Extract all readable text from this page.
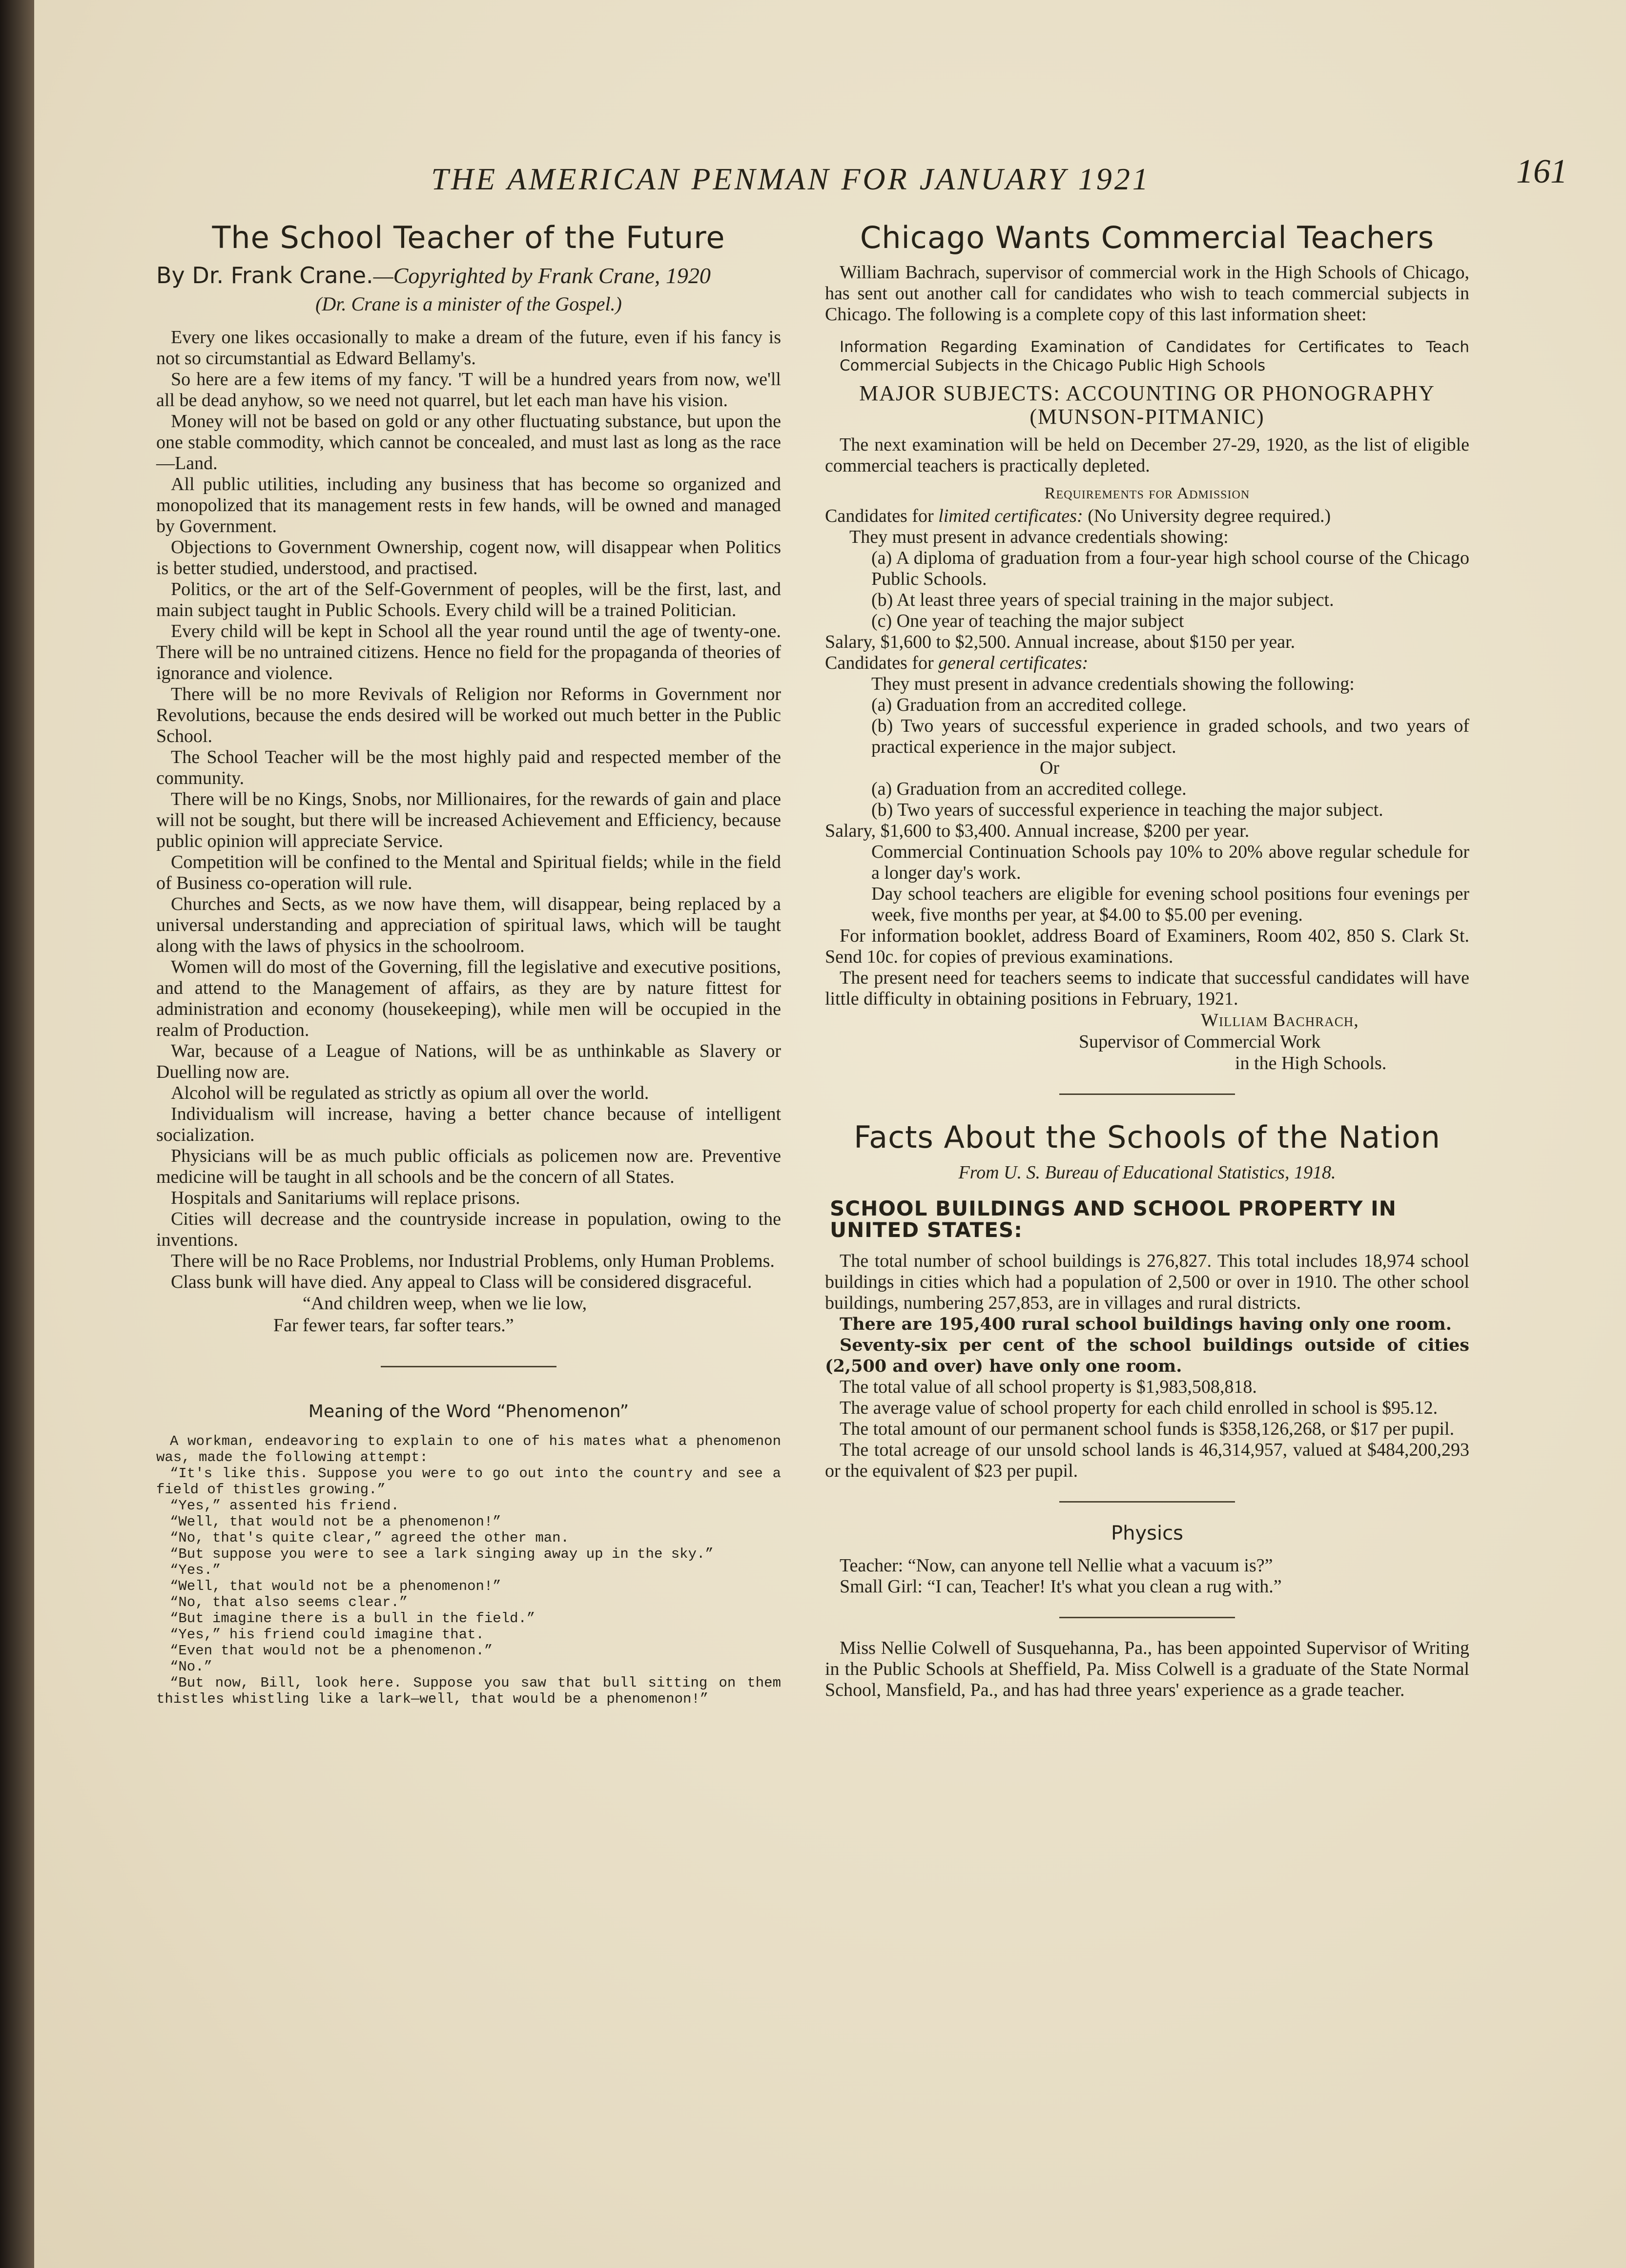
THE AMERICAN PENMAN FOR JANUARY 1921	161
The School Teacher of the Future
By Dr. Frank Crane.—Copyrighted by Frank Crane, 1920
(Dr. Crane is a minister of the Gospel.)

Every one likes occasionally to make a dream of the future, even if his fancy is not so circumstantial as Edward Bellamy's.

So here are a few items of my fancy. 'T will be a hundred years from now, we'll all be dead anyhow, so we need not quarrel, but let each man have his vision.

Money will not be based on gold or any other fluctuating substance, but upon the one stable commodity, which cannot be concealed, and must last as long as the race—Land.

All public utilities, including any business that has become so organized and monopolized that its management rests in few hands, will be owned and managed by Government.

Objections to Government Ownership, cogent now, will disappear when Politics is better studied, understood, and practised.

Politics, or the art of the Self-Government of peoples, will be the first, last, and main subject taught in Public Schools. Every child will be a trained Politician.

Every child will be kept in School all the year round until the age of twenty-one. There will be no untrained citizens. Hence no field for the propaganda of theories of ignorance and violence.

There will be no more Revivals of Religion nor Reforms in Government nor Revolutions, because the ends desired will be worked out much better in the Public School.

The School Teacher will be the most highly paid and respected member of the community.

There will be no Kings, Snobs, nor Millionaires, for the rewards of gain and place will not be sought, but there will be increased Achievement and Efficiency, because public opinion will appreciate Service.

Competition will be confined to the Mental and Spiritual fields; while in the field of Business co-operation will rule.

Churches and Sects, as we now have them, will disappear, being replaced by a universal understanding and appreciation of spiritual laws, which will be taught along with the laws of physics in the schoolroom.

Women will do most of the Governing, fill the legislative and executive positions, and attend to the Management of affairs, as they are by nature fittest for administration and economy (housekeeping), while men will be occupied in the realm of Production.

War, because of a League of Nations, will be as unthinkable as Slavery or Duelling now are.

Alcohol will be regulated as strictly as opium all over the world.

Individualism will increase, having a better chance because of intelligent socialization.

Physicians will be as much public officials as policemen now are. Preventive medicine will be taught in all schools and be the concern of all States.

Hospitals and Sanitariums will replace prisons.

Cities will decrease and the countryside increase in population, owing to the inventions.

There will be no Race Problems, nor Industrial Problems, only Human Problems.

Class bunk will have died. Any appeal to Class will be considered disgraceful.

“And children weep, when we lie low,
Far fewer tears, far softer tears.”
Meaning of the Word “Phenomenon”
A workman, endeavoring to explain to one of his mates what a phenomenon was, made the following attempt:
“It's like this. Suppose you were to go out into the country and see a field of thistles growing.”
“Yes,” assented his friend.
“Well, that would not be a phenomenon!”
“No, that's quite clear,” agreed the other man.
“But suppose you were to see a lark singing away up in the sky.”
“Yes.”
“Well, that would not be a phenomenon!”
“No, that also seems clear.”
“But imagine there is a bull in the field.”
“Yes,” his friend could imagine that.
“Even that would not be a phenomenon.”
“No.”
“But now, Bill, look here. Suppose you saw that bull sitting on them thistles whistling like a lark—well, that would be a phenomenon!”
Chicago Wants Commercial Teachers

William Bachrach, supervisor of commercial work in the High Schools of Chicago, has sent out another call for candidates who wish to teach commercial subjects in Chicago. The following is a complete copy of this last information sheet:

Information Regarding Examination of Candidates for Certificates to Teach Commercial Subjects in the Chicago Public High Schools

MAJOR SUBJECTS: ACCOUNTING OR PHONOGRAPHY (MUNSON-PITMANIC)

The next examination will be held on December 27-29, 1920, as the list of eligible commercial teachers is practically depleted.

Requirements for Admission

Candidates for limited certificates: (No University degree required.)

They must present in advance credentials showing:

(a) A diploma of graduation from a four-year high school course of the Chicago Public Schools.

(b) At least three years of special training in the major subject.

(c) One year of teaching the major subject

Salary, $1,600 to $2,500. Annual increase, about $150 per year.

Candidates for general certificates:

They must present in advance credentials showing the following:

(a) Graduation from an accredited college.

(b) Two years of successful experience in graded schools, and two years of practical experience in the major subject.

Or

(a) Graduation from an accredited college.

(b) Two years of successful experience in teaching the major subject.

Salary, $1,600 to $3,400. Annual increase, $200 per year.

Commercial Continuation Schools pay 10% to 20% above regular schedule for a longer day's work.

Day school teachers are eligible for evening school positions four evenings per week, five months per year, at $4.00 to $5.00 per evening.

For information booklet, address Board of Examiners, Room 402, 850 S. Clark St. Send 10c. for copies of previous examinations.

The present need for teachers seems to indicate that successful candidates will have little difficulty in obtaining positions in February, 1921.

William Bachrach,
Supervisor of Commercial Work
in the High Schools.

Facts About the Schools of the Nation
From U. S. Bureau of Educational Statistics, 1918.
SCHOOL BUILDINGS AND SCHOOL PROPERTY IN UNITED STATES:

The total number of school buildings is 276,827. This total includes 18,974 school buildings in cities which had a population of 2,500 or over in 1910. The other school buildings, numbering 257,853, are in villages and rural districts.

There are 195,400 rural school buildings having only one room.

Seventy-six per cent of the school buildings outside of cities (2,500 and over) have only one room.

The total value of all school property is $1,983,508,818.

The average value of school property for each child enrolled in school is $95.12.

The total amount of our permanent school funds is $358,126,268, or $17 per pupil.

The total acreage of our unsold school lands is 46,314,957, valued at $484,200,293 or the equivalent of $23 per pupil.

Physics

Teacher: “Now, can anyone tell Nellie what a vacuum is?”

Small Girl: “I can, Teacher! It's what you clean a rug with.”

Miss Nellie Colwell of Susquehanna, Pa., has been appointed Supervisor of Writing in the Public Schools at Sheffield, Pa. Miss Colwell is a graduate of the State Normal School, Mansfield, Pa., and has had three years' experience as a grade teacher.
